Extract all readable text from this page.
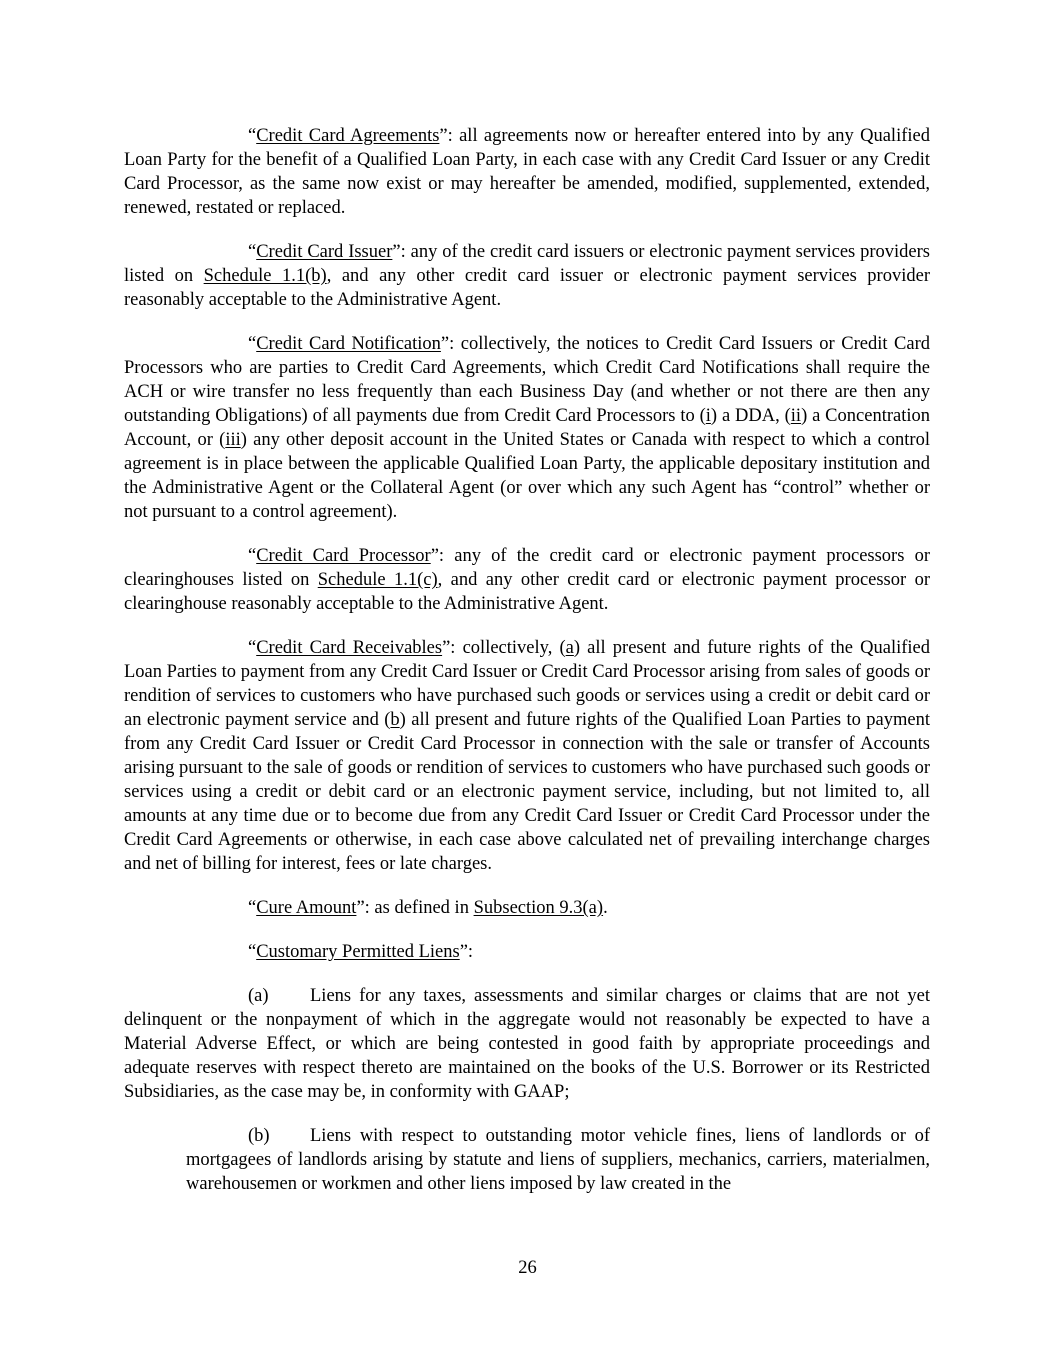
“Credit Card Agreements”: all agreements now or hereafter entered into by any Qualified Loan Party for the benefit of a Qualified Loan Party, in each case with any Credit Card Issuer or any Credit Card Processor, as the same now exist or may hereafter be amended, modified, supplemented, extended, renewed, restated or replaced.

“Credit Card Issuer”: any of the credit card issuers or electronic payment services providers listed on Schedule 1.1(b), and any other credit card issuer or electronic payment services provider reasonably acceptable to the Administrative Agent.

“Credit Card Notification”: collectively, the notices to Credit Card Issuers or Credit Card Processors who are parties to Credit Card Agreements, which Credit Card Notifications shall require the ACH or wire transfer no less frequently than each Business Day (and whether or not there are then any outstanding Obligations) of all payments due from Credit Card Processors to (i) a DDA, (ii) a Concentration Account, or (iii) any other deposit account in the United States or Canada with respect to which a control agreement is in place between the applicable Qualified Loan Party, the applicable depositary institution and the Administrative Agent or the Collateral Agent (or over which any such Agent has “control” whether or not pursuant to a control agreement).

“Credit Card Processor”: any of the credit card or electronic payment processors or clearinghouses listed on Schedule 1.1(c), and any other credit card or electronic payment processor or clearinghouse reasonably acceptable to the Administrative Agent.

“Credit Card Receivables”: collectively, (a) all present and future rights of the Qualified Loan Parties to payment from any Credit Card Issuer or Credit Card Processor arising from sales of goods or rendition of services to customers who have purchased such goods or services using a credit or debit card or an electronic payment service and (b) all present and future rights of the Qualified Loan Parties to payment from any Credit Card Issuer or Credit Card Processor in connection with the sale or transfer of Accounts arising pursuant to the sale of goods or rendition of services to customers who have purchased such goods or services using a credit or debit card or an electronic payment service, including, but not limited to, all amounts at any time due or to become due from any Credit Card Issuer or Credit Card Processor under the Credit Card Agreements or otherwise, in each case above calculated net of prevailing interchange charges and net of billing for interest, fees or late charges.

“Cure Amount”: as defined in Subsection 9.3(a).

“Customary Permitted Liens”:

(a) Liens for any taxes, assessments and similar charges or claims that are not yet delinquent or the nonpayment of which in the aggregate would not reasonably be expected to have a Material Adverse Effect, or which are being contested in good faith by appropriate proceedings and adequate reserves with respect thereto are maintained on the books of the U.S. Borrower or its Restricted Subsidiaries, as the case may be, in conformity with GAAP;

(b) Liens with respect to outstanding motor vehicle fines, liens of landlords or of mortgagees of landlords arising by statute and liens of suppliers, mechanics, carriers, materialmen, warehousemen or workmen and other liens imposed by law created in the

26
